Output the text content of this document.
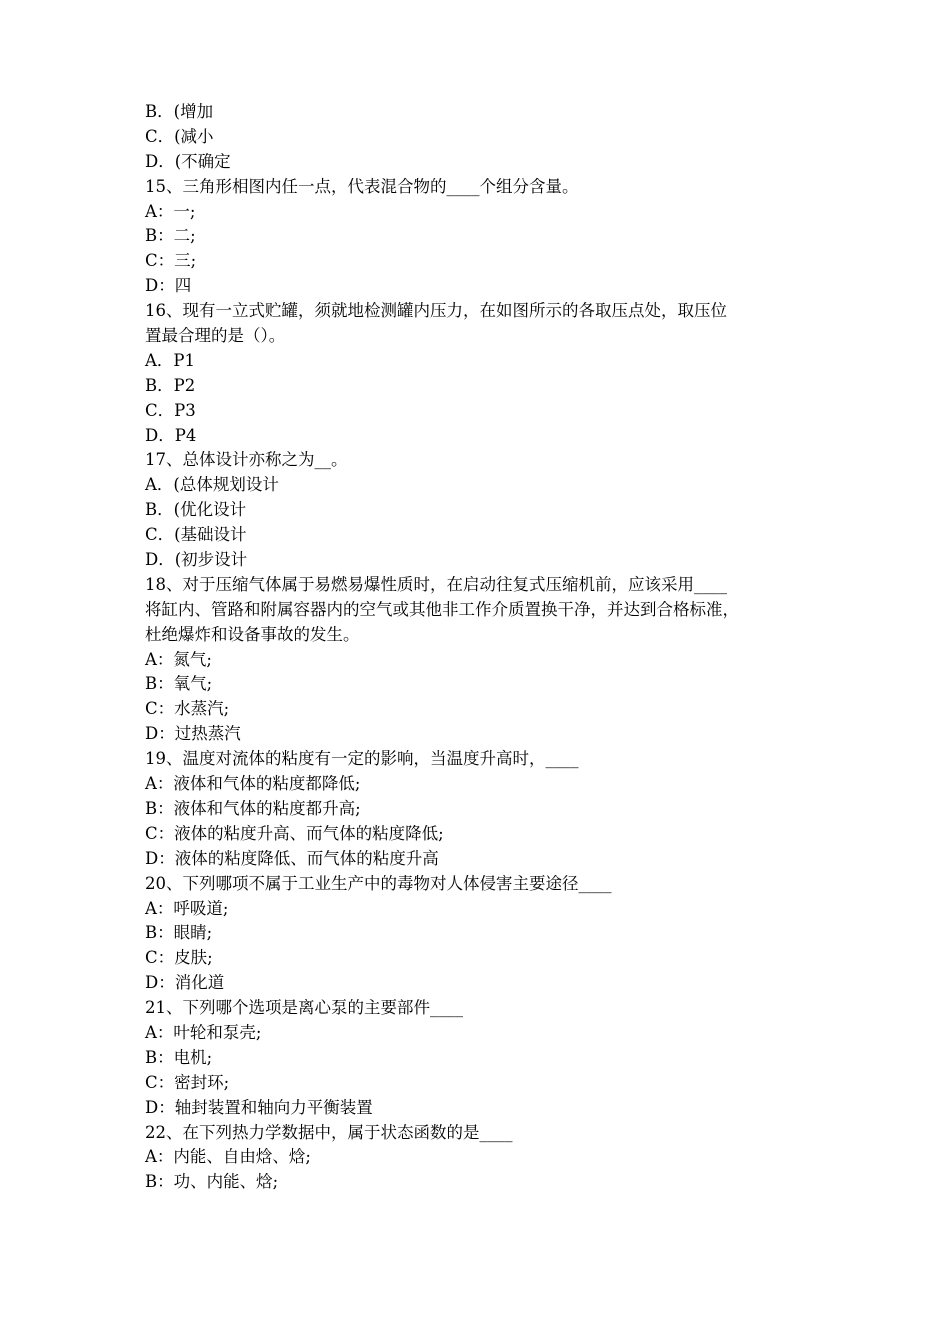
B．(增加
C．(减小
D．(不确定
15、三角形相图内任一点，代表混合物的____个组分含量。
A：一;
B：二;
C：三;
D：四
16、现有一立式贮罐，须就地检测罐内压力，在如图所示的各取压点处，取压位
置最合理的是（）。
A．P1
B．P2
C．P3
D．P4
17、总体设计亦称之为__。
A．(总体规划设计
B．(优化设计
C．(基础设计
D．(初步设计
18、对于压缩气体属于易燃易爆性质时，在启动往复式压缩机前，应该采用____
将缸内、管路和附属容器内的空气或其他非工作介质置换干净，并达到合格标准，
杜绝爆炸和设备事故的发生。
A：氮气;
B：氧气;
C：水蒸汽;
D：过热蒸汽
19、温度对流体的粘度有一定的影响，当温度升高时，____
A：液体和气体的粘度都降低;
B：液体和气体的粘度都升高;
C：液体的粘度升高、而气体的粘度降低;
D：液体的粘度降低、而气体的粘度升高
20、下列哪项不属于工业生产中的毒物对人体侵害主要途径____
A：呼吸道;
B：眼睛;
C：皮肤;
D：消化道
21、下列哪个选项是离心泵的主要部件____
A：叶轮和泵壳;
B：电机;
C：密封环;
D：轴封装置和轴向力平衡装置
22、在下列热力学数据中，属于状态函数的是____
A：内能、自由焓、焓;
B：功、内能、焓;
